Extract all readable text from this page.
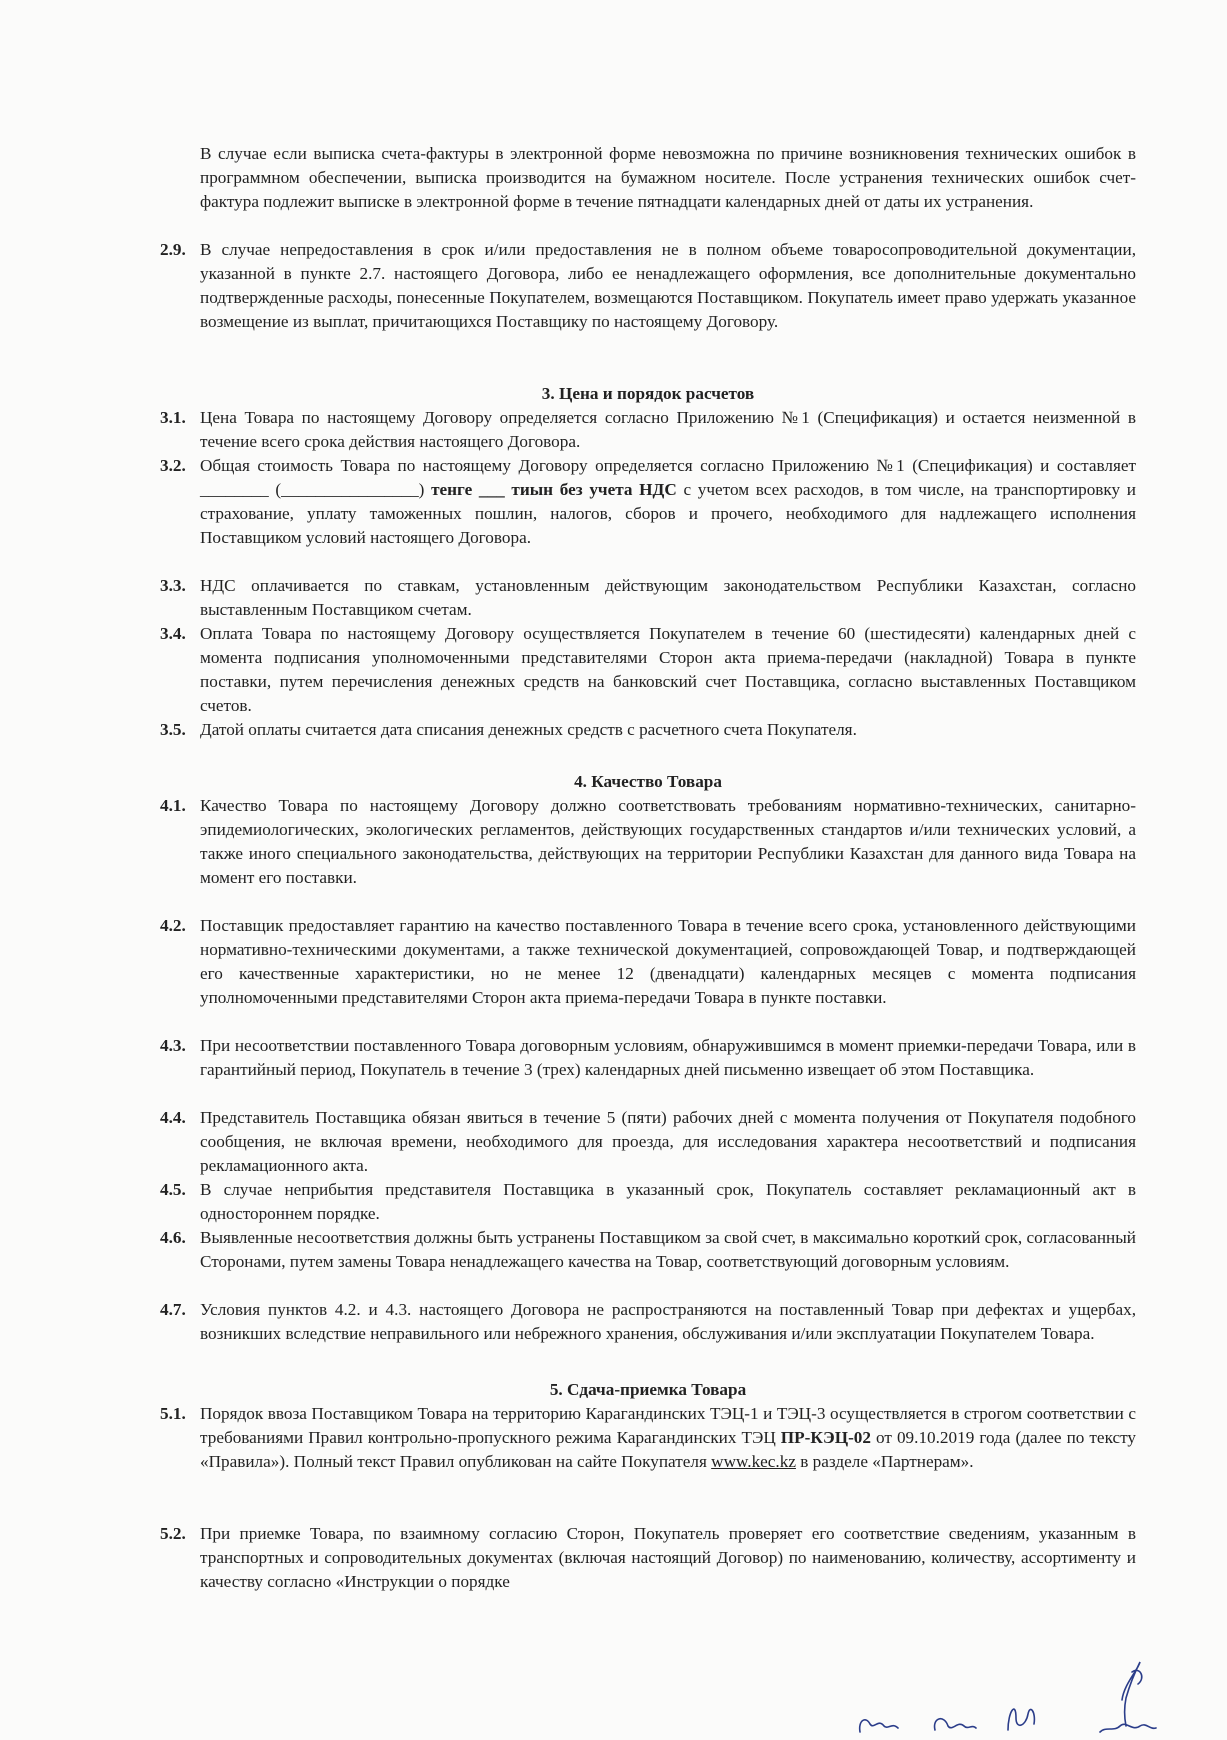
В случае если выписка счета-фактуры в электронной форме невозможна по причине возникновения технических ошибок в программном обеспечении, выписка производится на бумажном носителе. После устранения технических ошибок счет-фактура подлежит выписке в электронной форме в течение пятнадцати календарных дней от даты их устранения.

2.9. В случае непредоставления в срок и/или предоставления не в полном объеме товаросопроводительной документации, указанной в пункте 2.7. настоящего Договора, либо ее ненадлежащего оформления, все дополнительные документально подтвержденные расходы, понесенные Покупателем, возмещаются Поставщиком. Покупатель имеет право удержать указанное возмещение из выплат, причитающихся Поставщику по настоящему Договору.

3. Цена и порядок расчетов
3.1. Цена Товара по настоящему Договору определяется согласно Приложению №1 (Спецификация) и остается неизменной в течение всего срока действия настоящего Договора.

3.2. Общая стоимость Товара по настоящему Договору определяется согласно Приложению №1 (Спецификация) и составляет ________ (________________) тенге ___ тиын без учета НДС с учетом всех расходов, в том числе, на транспортировку и страхование, уплату таможенных пошлин, налогов, сборов и прочего, необходимого для надлежащего исполнения Поставщиком условий настоящего Договора.

3.3. НДС оплачивается по ставкам, установленным действующим законодательством Республики Казахстан, согласно выставленным Поставщиком счетам.

3.4. Оплата Товара по настоящему Договору осуществляется Покупателем в течение 60 (шестидесяти) календарных дней с момента подписания уполномоченными представителями Сторон акта приема-передачи (накладной) Товара в пункте поставки, путем перечисления денежных средств на банковский счет Поставщика, согласно выставленных Поставщиком счетов.

3.5. Датой оплаты считается дата списания денежных средств с расчетного счета Покупателя.

4. Качество Товара
4.1. Качество Товара по настоящему Договору должно соответствовать требованиям нормативно-технических, санитарно-эпидемиологических, экологических регламентов, действующих государственных стандартов и/или технических условий, а также иного специального законодательства, действующих на территории Республики Казахстан для данного вида Товара на момент его поставки.

4.2. Поставщик предоставляет гарантию на качество поставленного Товара в течение всего срока, установленного действующими нормативно-техническими документами, а также технической документацией, сопровождающей Товар, и подтверждающей его качественные характеристики, но не менее 12 (двенадцати) календарных месяцев с момента подписания уполномоченными представителями Сторон акта приема-передачи Товара в пункте поставки.

4.3. При несоответствии поставленного Товара договорным условиям, обнаружившимся в момент приемки-передачи Товара, или в гарантийный период, Покупатель в течение 3 (трех) календарных дней письменно извещает об этом Поставщика.

4.4. Представитель Поставщика обязан явиться в течение 5 (пяти) рабочих дней с момента получения от Покупателя подобного сообщения, не включая времени, необходимого для проезда, для исследования характера несоответствий и подписания рекламационного акта.

4.5. В случае неприбытия представителя Поставщика в указанный срок, Покупатель составляет рекламационный акт в одностороннем порядке.

4.6. Выявленные несоответствия должны быть устранены Поставщиком за свой счет, в максимально короткий срок, согласованный Сторонами, путем замены Товара ненадлежащего качества на Товар, соответствующий договорным условиям.

4.7. Условия пунктов 4.2. и 4.3. настоящего Договора не распространяются на поставленный Товар при дефектах и ущербах, возникших вследствие неправильного или небрежного хранения, обслуживания и/или эксплуатации Покупателем Товара.

5. Сдача-приемка Товара
5.1. Порядок ввоза Поставщиком Товара на территорию Карагандинских ТЭЦ-1 и ТЭЦ-3 осуществляется в строгом соответствии с требованиями Правил контрольно-пропускного режима Карагандинских ТЭЦ ПР-КЭЦ-02 от 09.10.2019 года (далее по тексту «Правила»). Полный текст Правил опубликован на сайте Покупателя www.kec.kz в разделе «Партнерам».

5.2. При приемке Товара, по взаимному согласию Сторон, Покупатель проверяет его соответствие сведениям, указанным в транспортных и сопроводительных документах (включая настоящий Договор) по наименованию, количеству, ассортименту и качеству согласно «Инструкции о порядке
